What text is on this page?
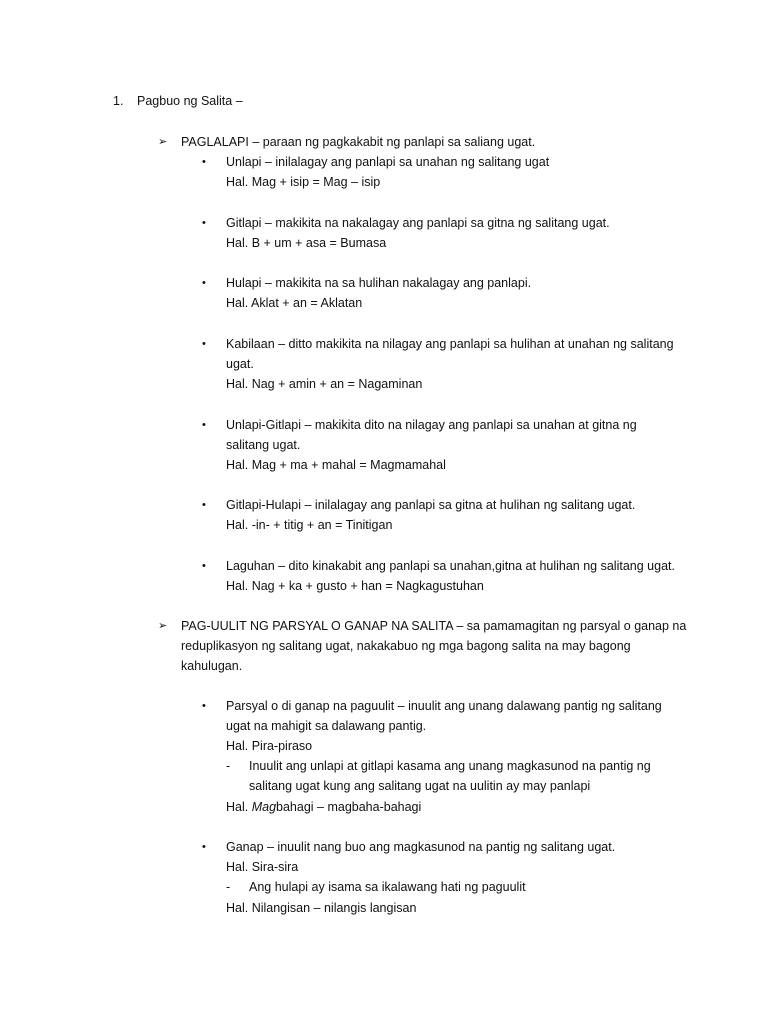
1. Pagbuo ng Salita –
➢ PAGLALAPI – paraan ng pagkakabit ng panlapi sa saliang ugat.
• Unlapi – inilalagay ang panlapi sa unahan ng salitang ugat
Hal. Mag + isip = Mag – isip
• Gitlapi – makikita na nakalagay ang panlapi sa gitna ng salitang ugat.
Hal. B + um + asa = Bumasa
• Hulapi – makikita na sa hulihan nakalagay ang panlapi.
Hal. Aklat + an = Aklatan
• Kabilaan – ditto makikita na nilagay ang panlapi sa hulihan at unahan ng salitang
ugat.
Hal. Nag + amin + an = Nagaminan
• Unlapi-Gitlapi – makikita dito na nilagay ang panlapi sa unahan at gitna ng
salitang ugat.
Hal. Mag + ma + mahal = Magmamahal
• Gitlapi-Hulapi – inilalagay ang panlapi sa gitna at hulihan ng salitang ugat.
Hal. -in- + titig + an = Tinitigan
• Laguhan – dito kinakabit ang panlapi sa unahan,gitna at hulihan ng salitang ugat.
Hal. Nag + ka + gusto + han = Nagkagustuhan
➢ PAG-UULIT NG PARSYAL O GANAP NA SALITA – sa pamamagitan ng parsyal o ganap na
reduplikasyon ng salitang ugat, nakakabuo ng mga bagong salita na may bagong
kahulugan.
• Parsyal o di ganap na paguulit – inuulit ang unang dalawang pantig ng salitang
ugat na mahigit sa dalawang pantig.
Hal. Pira-piraso
- Inuulit ang unlapi at gitlapi kasama ang unang magkasunod na pantig ng
salitang ugat kung ang salitang ugat na uulitin ay may panlapi
Hal. Magbahagi – magbaha-bahagi
• Ganap – inuulit nang buo ang magkasunod na pantig ng salitang ugat.
Hal. Sira-sira
- Ang hulapi ay isama sa ikalawang hati ng paguulit
Hal. Nilangisan – nilangis langisan
